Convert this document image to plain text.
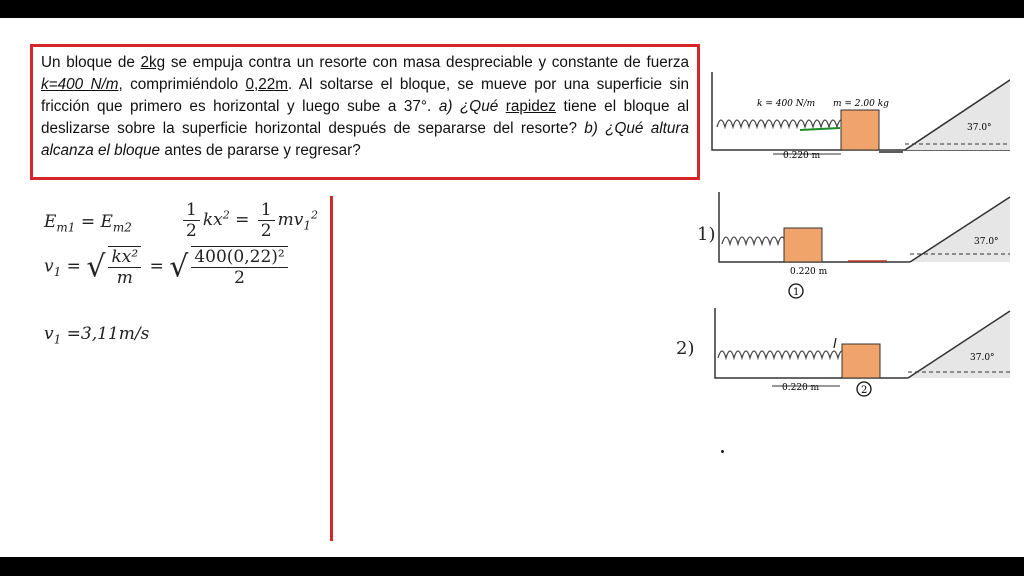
Un bloque de 2kg se empuja contra un resorte con masa despreciable y constante de fuerza k=400 N/m, comprimiéndolo 0,22m. Al soltarse el bloque, se mueve por una superficie sin fricción que primero es horizontal y luego sube a 37°. a) ¿Qué rapidez tiene el bloque al deslizarse sobre la superficie horizontal después de separarse del resorte? b) ¿Qué altura alcanza el bloque antes de pararse y regresar?

$E_{m1} = E_{m2}$	$\frac{1}{2} kx^2 = \frac{1}{2} mv_1^2$
$v_1$ = √ $\frac{\text{kx²}}{m}$ = √ $\frac{\text{400(0,22)²}}{2}$
$v_1 =3,11m/s$
k = 400 N/m m = 2.00 kg
0.220 m
37.0°
1)	37.0°
0.220 m
1
2)	37.0°
0.220 m	2
